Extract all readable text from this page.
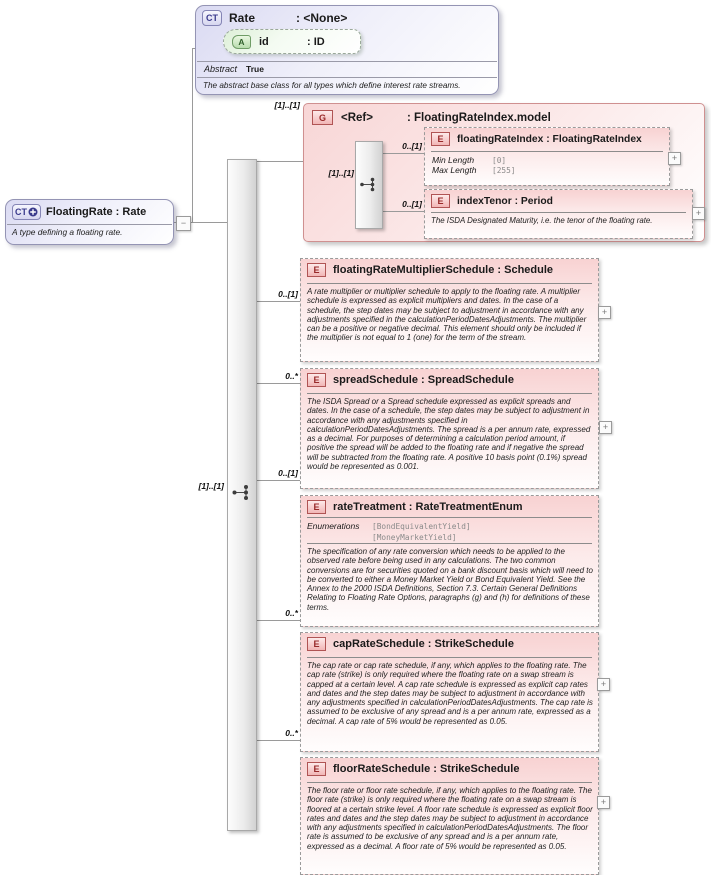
CT Rate	: <None>
A	id	: ID
Abstract True
The abstract base class for all types which define interest rate streams.
CT FloatingRate : Rate
A type defining a floating rate.
−
[1]..[1]
[1]..[1]
G	<Ref>	: FloatingRateIndex.model
[1]..[1]
0..[1]
0..[1]
E	floatingRateIndex : FloatingRateIndex
Min Length [0]
Max Length [255]
+
E	indexTenor : Period
The ISDA Designated Maturity, i.e. the tenor of the floating rate.
+
0..[1]
E	floatingRateMultiplierSchedule : Schedule
A rate multiplier or multiplier schedule to apply to the floating rate. A multiplier schedule is expressed as explicit multipliers and dates. In the case of a schedule, the step dates may be subject to adjustment in accordance with any adjustments specified in the calculationPeriodDatesAdjustments. The multiplier can be a positive or negative decimal. This element should only be included if the multiplier is not equal to 1 (one) for the term of the stream.
+
0..*	E	spreadSchedule : SpreadSchedule
The ISDA Spread or a Spread schedule expressed as explicit spreads and dates. In the case of a schedule, the step dates may be subject to adjustment in accordance with any adjustments specified in calculationPeriodDatesAdjustments. The spread is a per annum rate, expressed as a decimal. For purposes of determining a calculation period amount, if positive the spread will be added to the floating rate and if negative the spread will be subtracted from the floating rate. A positive 10 basis point (0.1%) spread would be represented as 0.001.
+
0..[1]
E	rateTreatment : RateTreatmentEnum
Enumerations [BondEquivalentYield]
[MoneyMarketYield]
The specification of any rate conversion which needs to be applied to the observed rate before being used in any calculations. The two common conversions are for securities quoted on a bank discount basis which will need to be converted to either a Money Market Yield or Bond Equivalent Yield. See the Annex to the 2000 ISDA Definitions, Section 7.3. Certain General Definitions Relating to Floating Rate Options, paragraphs (g) and (h) for definitions of these terms.
0..*
E	capRateSchedule : StrikeSchedule
The cap rate or cap rate schedule, if any, which applies to the floating rate. The cap rate (strike) is only required where the floating rate on a swap stream is capped at a certain level. A cap rate schedule is expressed as explicit cap rates and dates and the step dates may be subject to adjustment in accordance with any adjustments specified in calculationPeriodDatesAdjustments. The cap rate is assumed to be exclusive of any spread and is a per annum rate, expressed as a decimal. A cap rate of 5% would be represented as 0.05.
+
0..*
E	floorRateSchedule : StrikeSchedule
The floor rate or floor rate schedule, if any, which applies to the floating rate. The floor rate (strike) is only required where the floating rate on a swap stream is floored at a certain strike level. A floor rate schedule is expressed as explicit floor rates and dates and the step dates may be subject to adjustment in accordance with any adjustments specified in calculationPeriodDatesAdjustments. The floor rate is assumed to be exclusive of any spread and is a per annum rate, expressed as a decimal. A floor rate of 5% would be represented as 0.05.
+
